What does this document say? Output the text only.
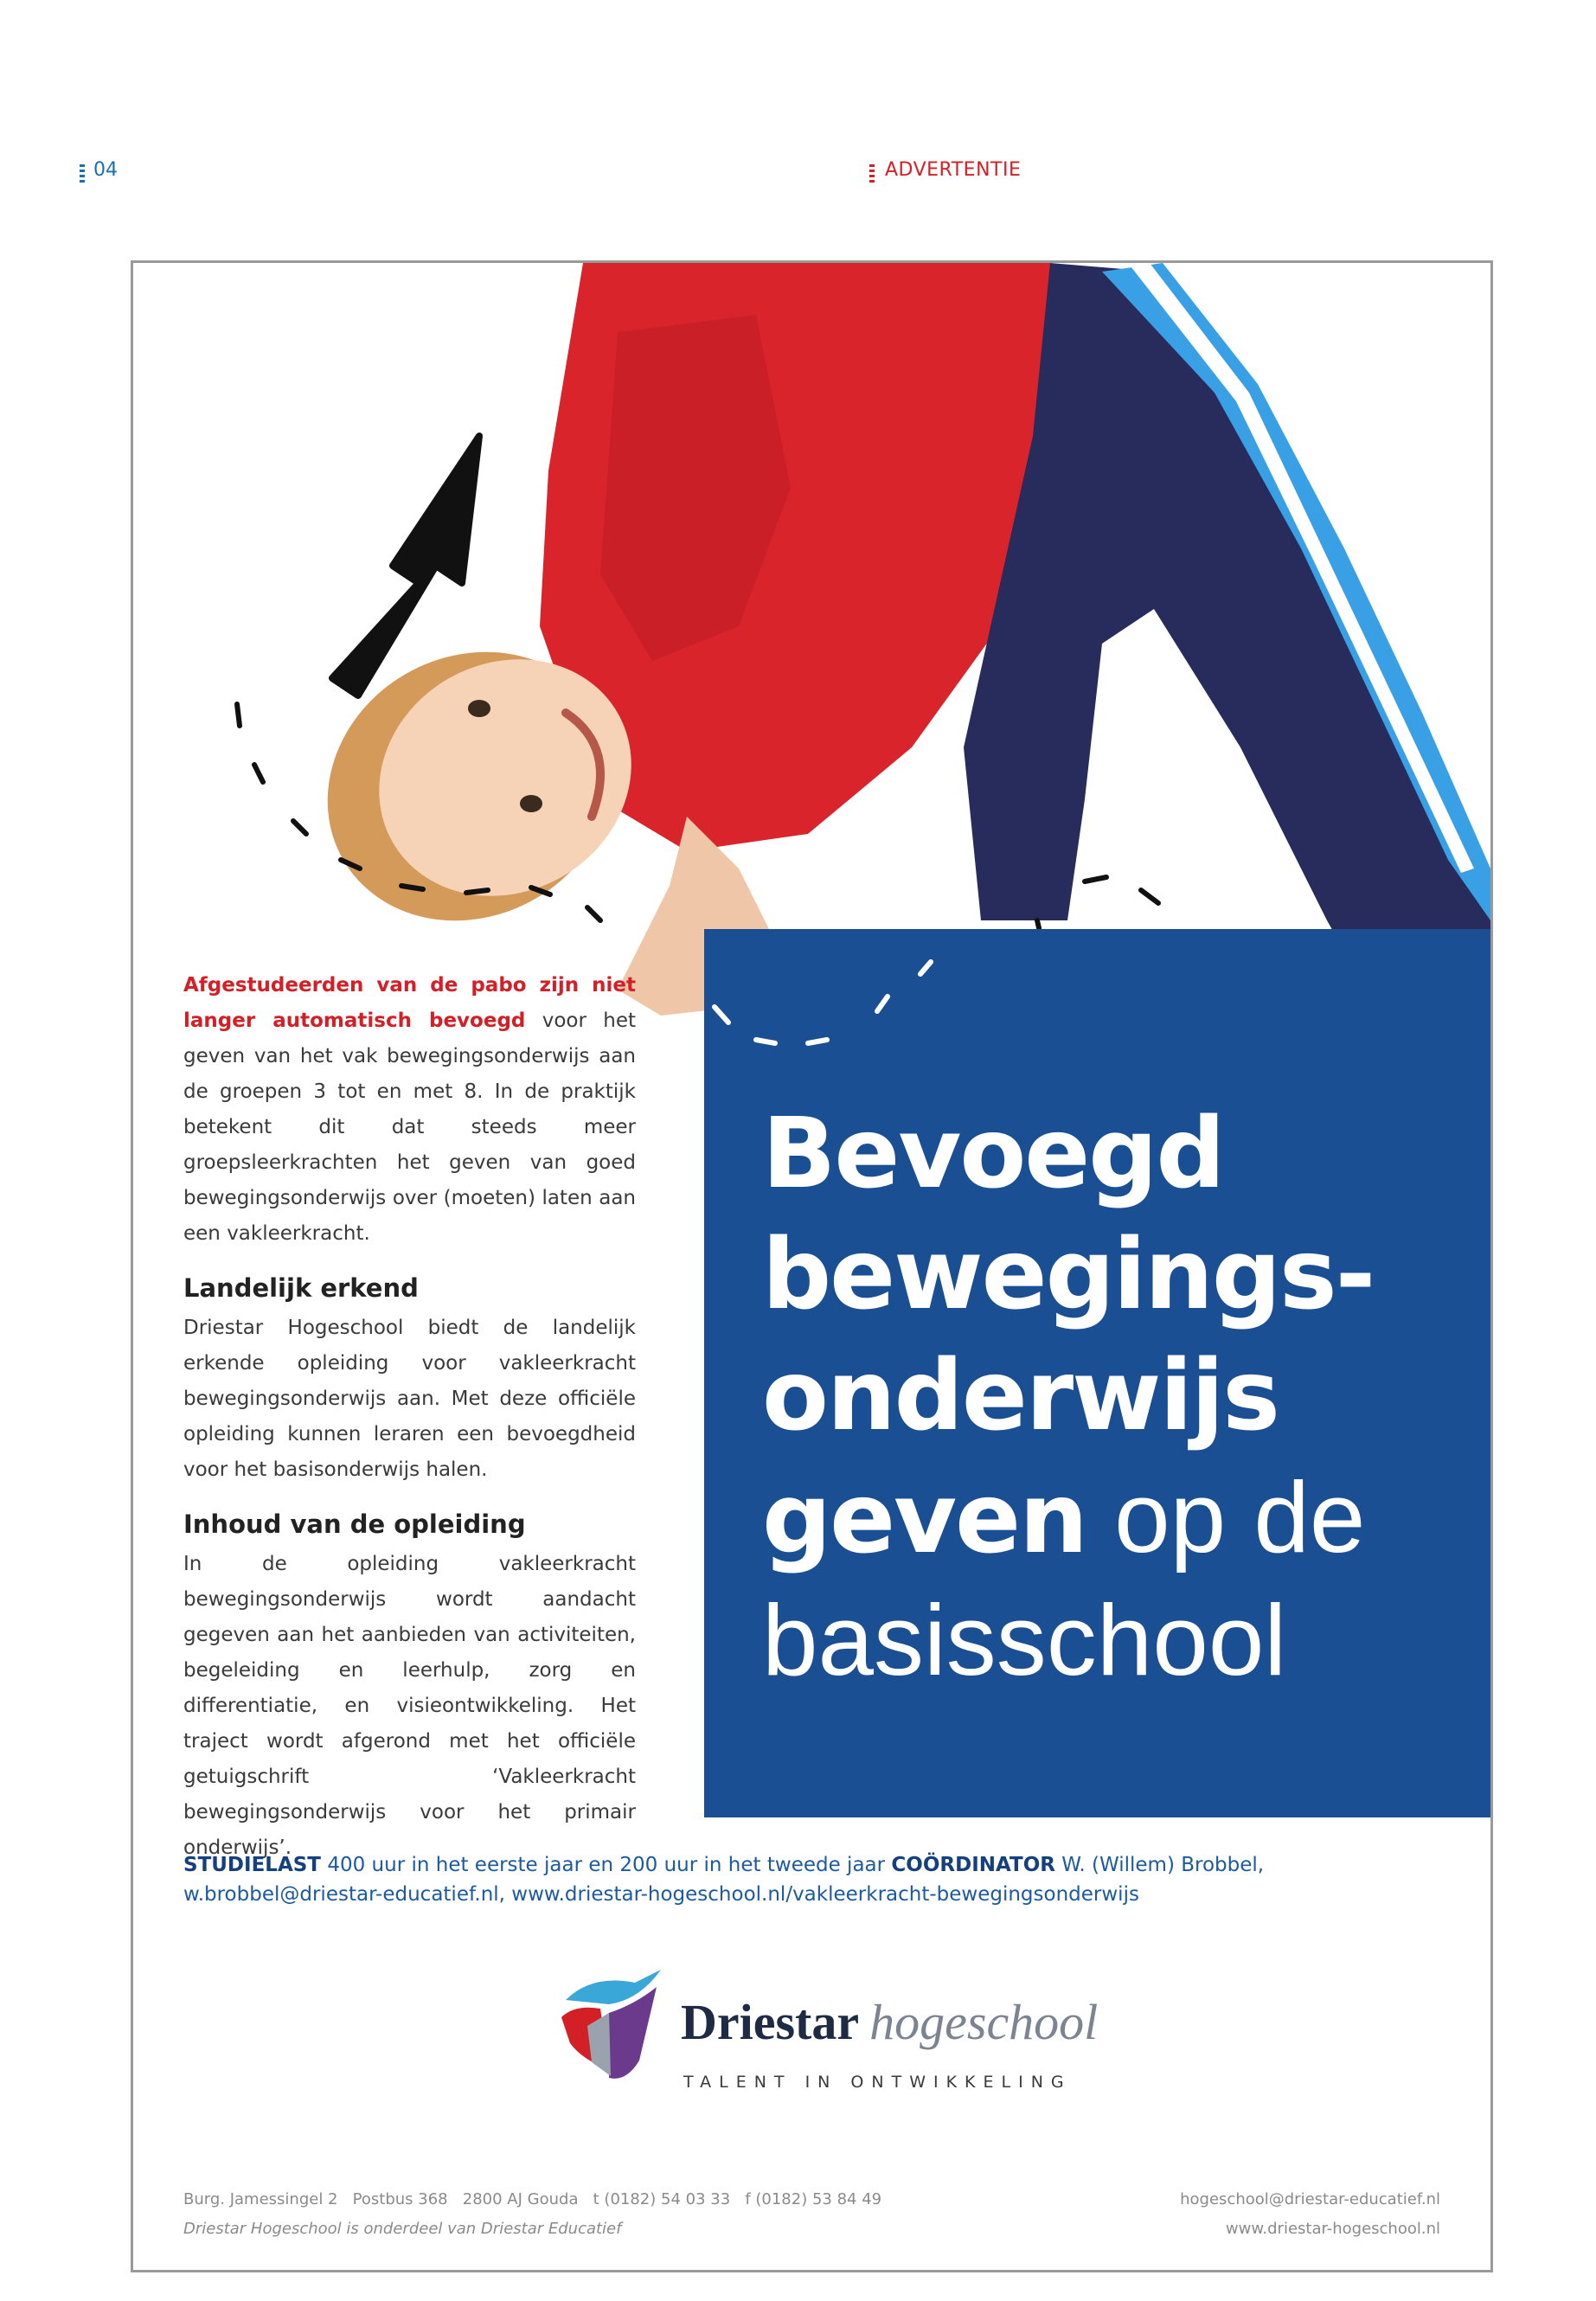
04	ADVERTENTIE
Bevoegd
bewegings-
onderwijs
geven op de
basisschool

Afgestudeerden van de pabo zijn niet langer automatisch bevoegd voor het geven van het vak bewegingsonderwijs aan de groepen 3 tot en met 8. In de praktijk betekent dit dat steeds meer groepsleerkrachten het geven van goed bewegingsonderwijs over (moeten) laten aan een vakleerkracht.

Landelijk erkend

Driestar Hogeschool biedt de landelijk erkende opleiding voor vakleerkracht bewegingsonderwijs aan. Met deze officiële opleiding kunnen leraren een bevoegdheid voor het basisonderwijs halen.

Inhoud van de opleiding

In de opleiding vakleerkracht bewegingsonderwijs wordt aandacht gegeven aan het aanbieden van activiteiten, begeleiding en leerhulp, zorg en differentiatie, en visieontwikkeling. Het traject wordt afgerond met het officiële getuigschrift ‘Vakleerkracht bewegingsonderwijs voor het primair onderwijs’.

STUDIELAST 400 uur in het eerste jaar en 200 uur in het tweede jaar COÖRDINATOR W. (Willem) Brobbel,
w.brobbel@driestar-educatief.nl, www.driestar-hogeschool.nl/vakleerkracht-bewegingsonderwijs
Driestar hogeschool
TALENT IN ONTWIKKELING
Burg. Jamessingel 2   Postbus 368   2800 AJ Gouda   t (0182) 54 03 33   f (0182) 53 84 49
Driestar Hogeschool is onderdeel van Driestar Educatief
hogeschool@driestar-educatief.nl
www.driestar-hogeschool.nl
